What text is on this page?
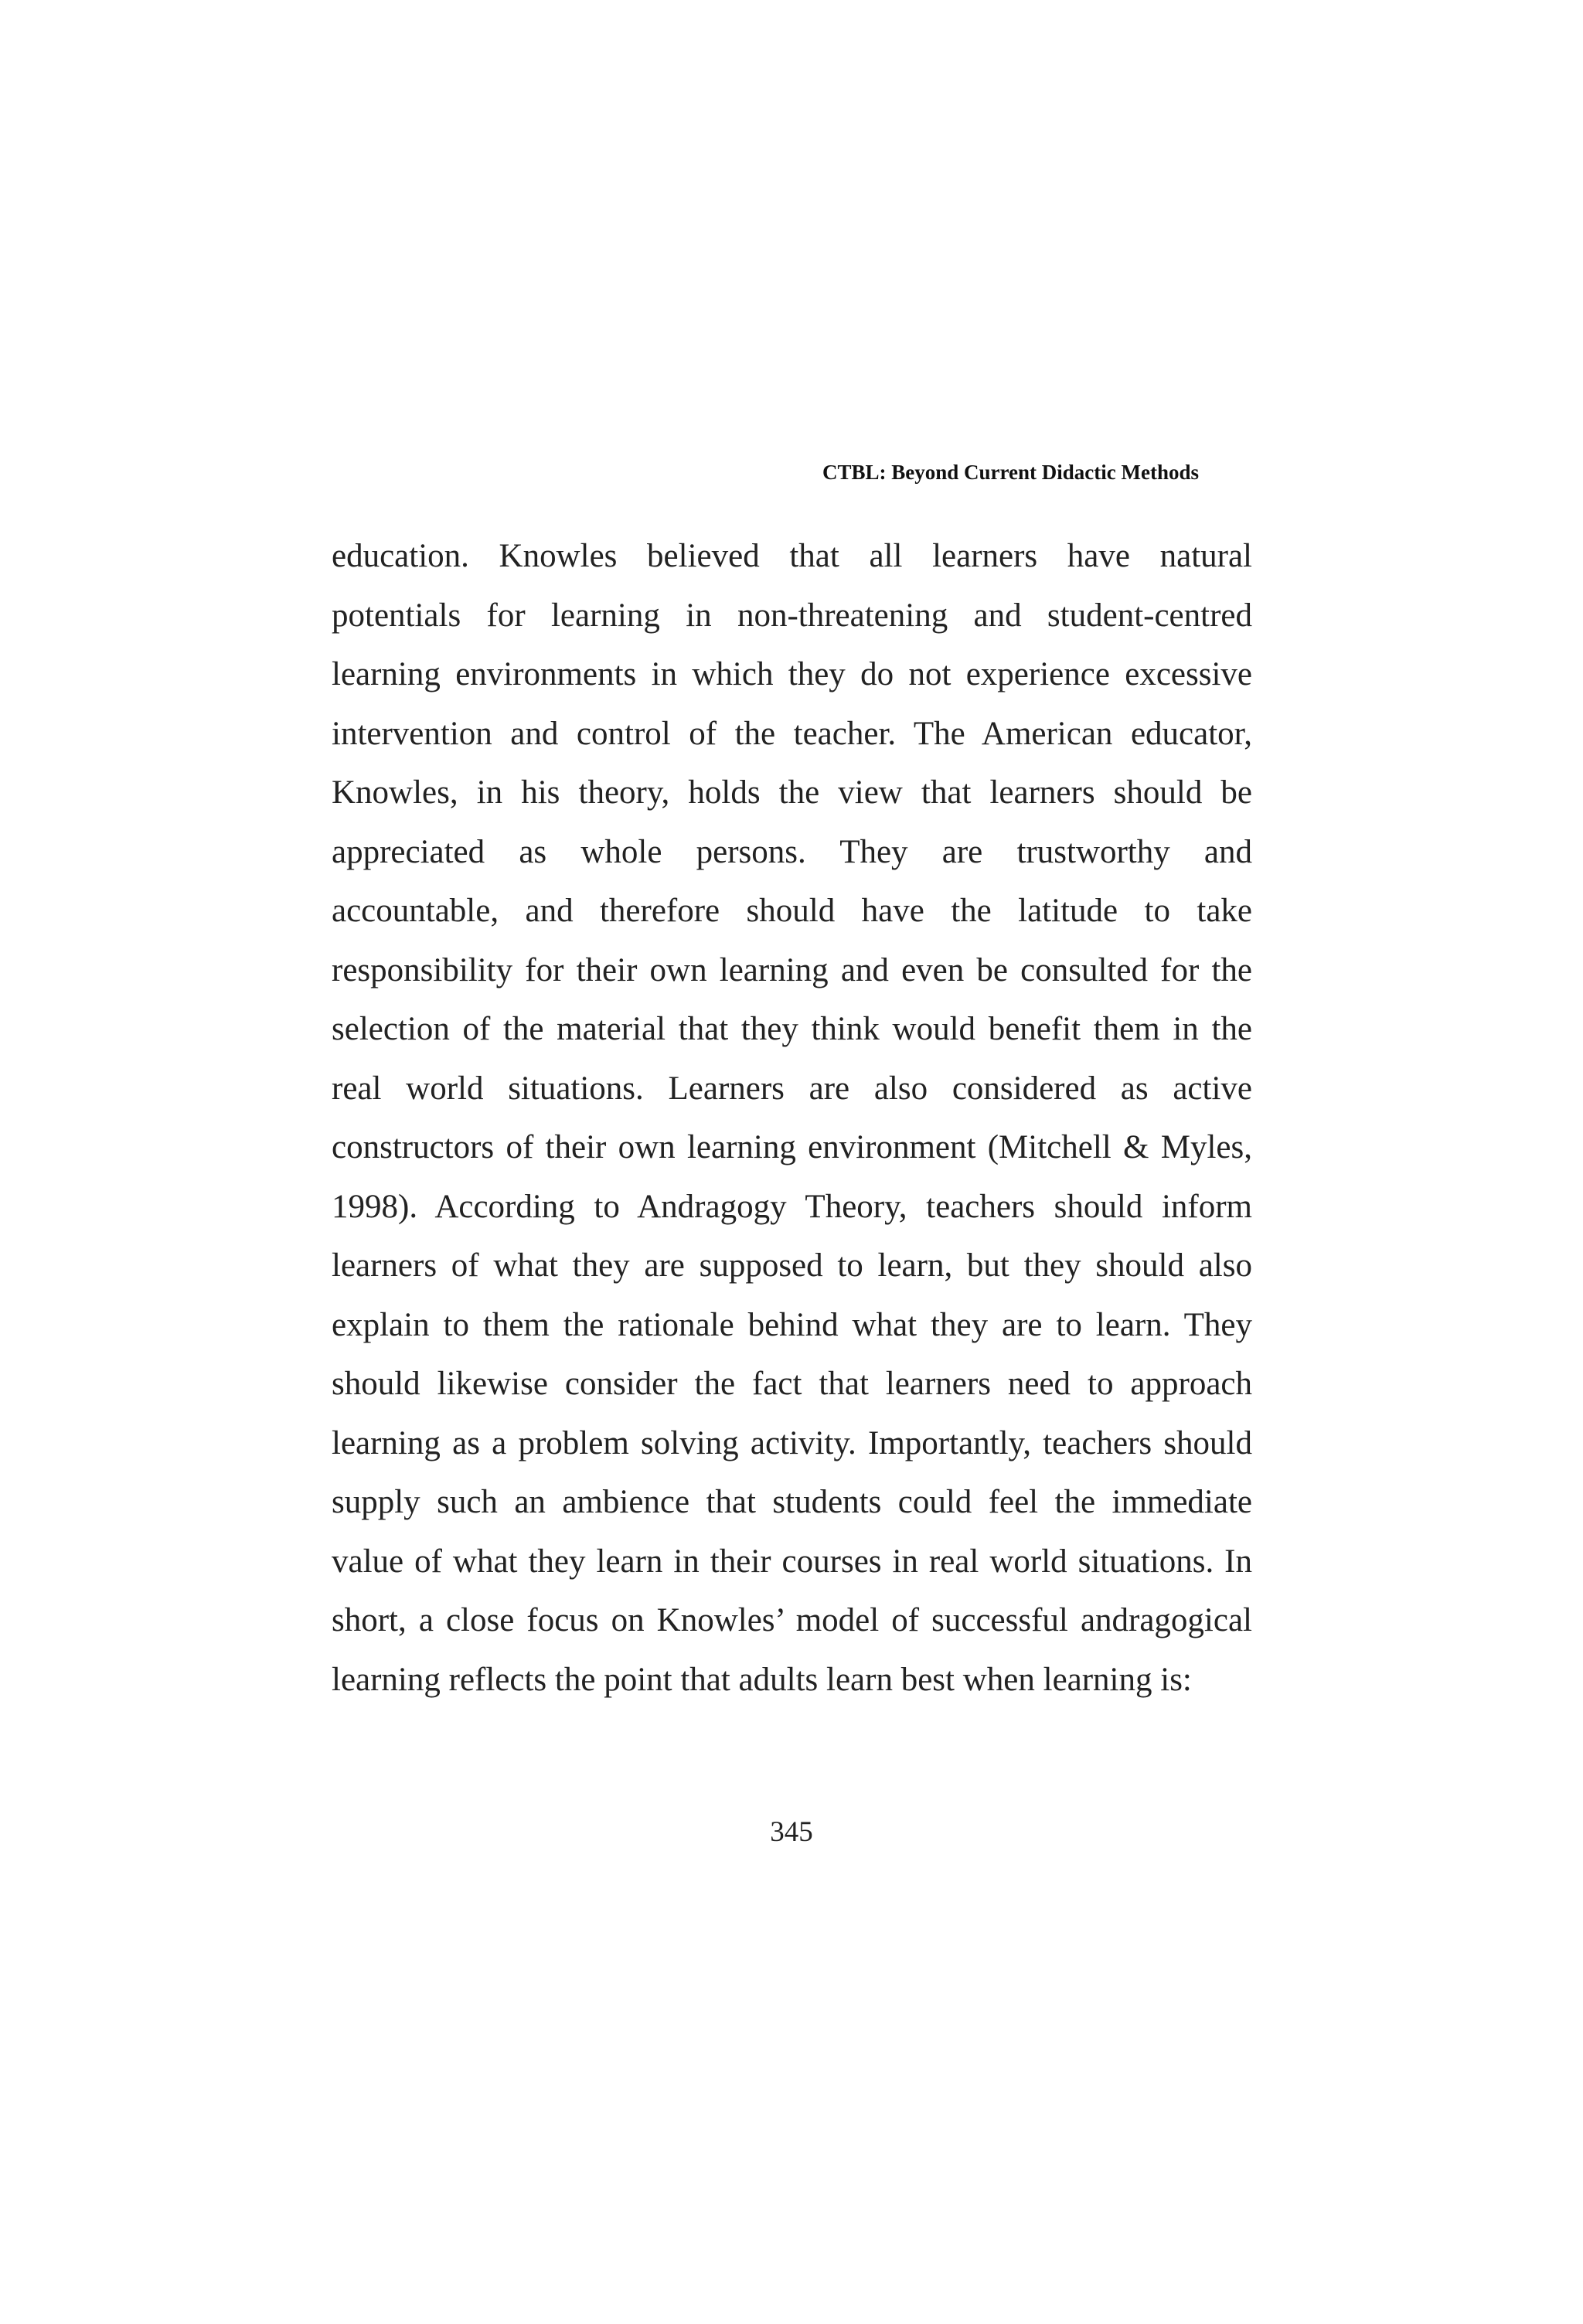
CTBL: Beyond Current Didactic Methods
education. Knowles believed that all learners have natural
potentials for learning in non-threatening and student-centred
learning environments in which they do not experience excessive
intervention and control of the teacher. The American educator,
Knowles, in his theory, holds the view that learners should be
appreciated as whole persons. They are trustworthy and
accountable, and therefore should have the latitude to take
responsibility for their own learning and even be consulted for the
selection of the material that they think would benefit them in the
real world situations. Learners are also considered as active
constructors of their own learning environment (Mitchell & Myles,
1998). According to Andragogy Theory, teachers should inform
learners of what they are supposed to learn, but they should also
explain to them the rationale behind what they are to learn. They
should likewise consider the fact that learners need to approach
learning as a problem solving activity. Importantly, teachers should
supply such an ambience that students could feel the immediate
value of what they learn in their courses in real world situations. In
short, a close focus on Knowles’ model of successful andragogical
learning reflects the point that adults learn best when learning is:
345
